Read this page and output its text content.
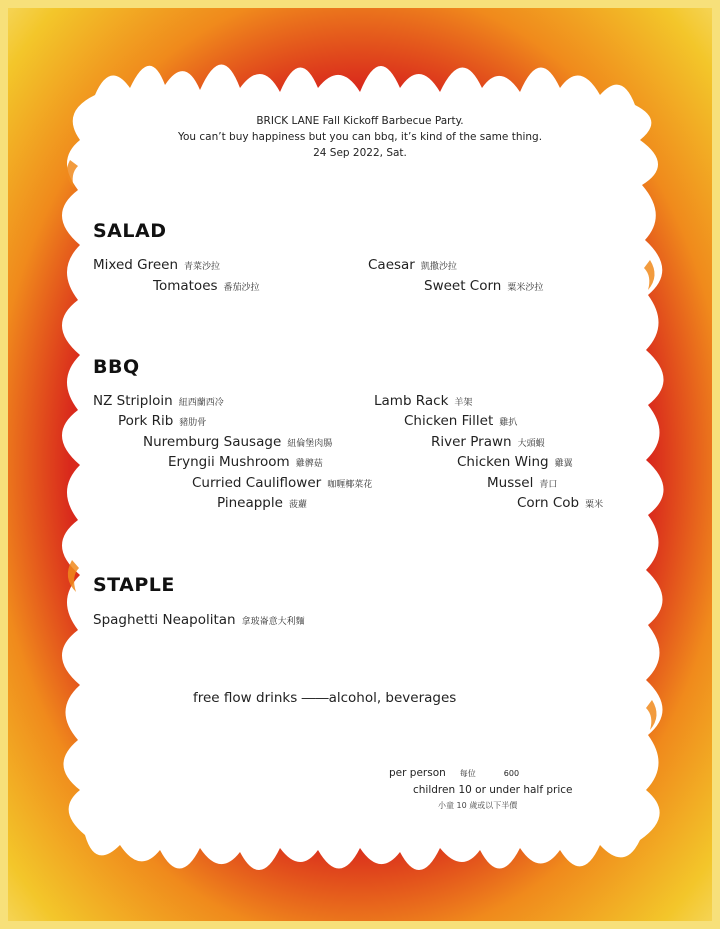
BRICK LANE Fall Kickoff Barbecue Party.
You can’t buy happiness but you can bbq, it’s kind of the same thing.
24 Sep 2022, Sat.
SALAD
Mixed Green 青菜沙拉
Tomatoes 番茄沙拉
Caesar 凱撒沙拉
Sweet Corn 粟米沙拉
BBQ
NZ Striploin 紐西蘭西冷
Pork Rib 豬肋骨
Nuremburg Sausage 紐倫堡肉腸
Eryngii Mushroom 雞髀菇
Curried Cauliflower 咖喱椰菜花
Pineapple 菠蘿
Lamb Rack 羊架
Chicken Fillet 雞扒
River Prawn 大頭蝦
Chicken Wing 雞翼
Mussel 青口
Corn Cob 粟米
STAPLE
Spaghetti Neapolitan 拿玻崙意大利麵
free flow drinks ――alcohol, beverages
per person 每位	600
children 10 or under half price
小童 10 歲或以下半價
